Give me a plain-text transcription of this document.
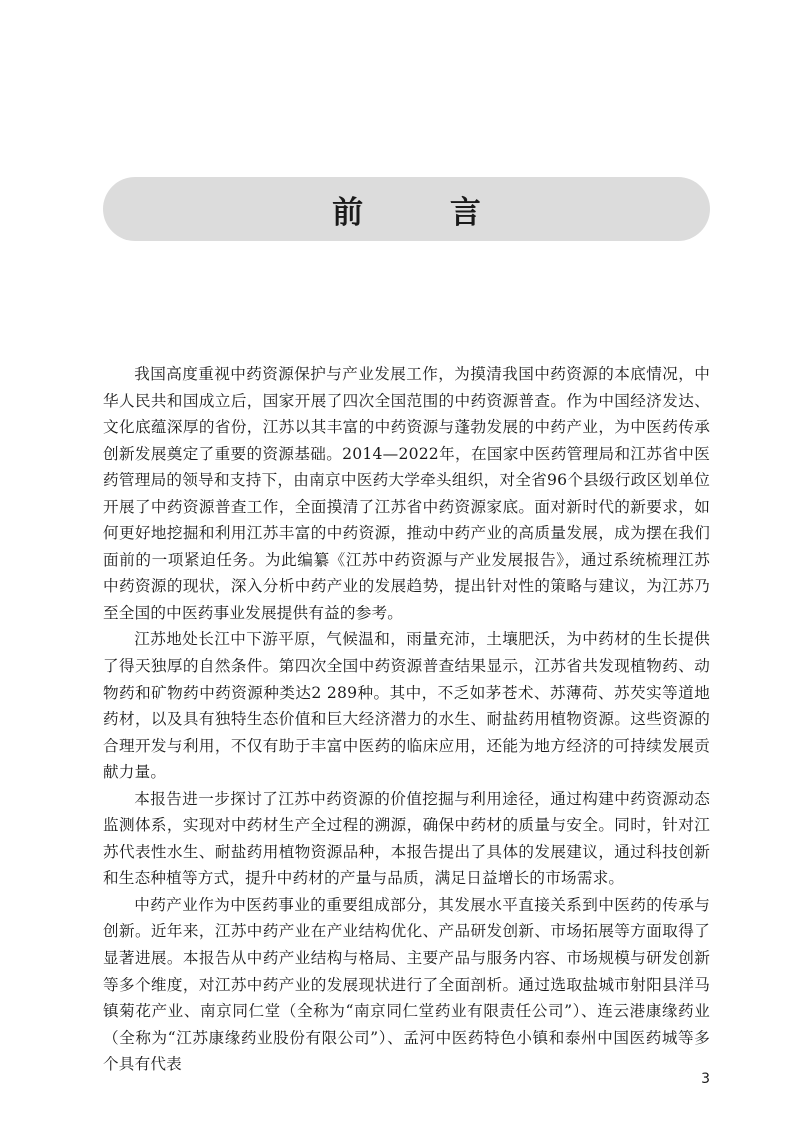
前 言

我国高度重视中药资源保护与产业发展工作，为摸清我国中药资源的本底情况，中华人民共和国成立后，国家开展了四次全国范围的中药资源普查。作为中国经济发达、文化底蕴深厚的省份，江苏以其丰富的中药资源与蓬勃发展的中药产业，为中医药传承创新发展奠定了重要的资源基础。2014—2022年，在国家中医药管理局和江苏省中医药管理局的领导和支持下，由南京中医药大学牵头组织，对全省96个县级行政区划单位开展了中药资源普查工作，全面摸清了江苏省中药资源家底。面对新时代的新要求，如何更好地挖掘和利用江苏丰富的中药资源，推动中药产业的高质量发展，成为摆在我们面前的一项紧迫任务。为此编纂《江苏中药资源与产业发展报告》，通过系统梳理江苏中药资源的现状，深入分析中药产业的发展趋势，提出针对性的策略与建议，为江苏乃至全国的中医药事业发展提供有益的参考。

江苏地处长江中下游平原，气候温和，雨量充沛，土壤肥沃，为中药材的生长提供了得天独厚的自然条件。第四次全国中药资源普查结果显示，江苏省共发现植物药、动物药和矿物药中药资源种类达2 289种。其中，不乏如茅苍术、苏薄荷、苏芡实等道地药材，以及具有独特生态价值和巨大经济潜力的水生、耐盐药用植物资源。这些资源的合理开发与利用，不仅有助于丰富中医药的临床应用，还能为地方经济的可持续发展贡献力量。

本报告进一步探讨了江苏中药资源的价值挖掘与利用途径，通过构建中药资源动态监测体系，实现对中药材生产全过程的溯源，确保中药材的质量与安全。同时，针对江苏代表性水生、耐盐药用植物资源品种，本报告提出了具体的发展建议，通过科技创新和生态种植等方式，提升中药材的产量与品质，满足日益增长的市场需求。

中药产业作为中医药事业的重要组成部分，其发展水平直接关系到中医药的传承与创新。近年来，江苏中药产业在产业结构优化、产品研发创新、市场拓展等方面取得了显著进展。本报告从中药产业结构与格局、主要产品与服务内容、市场规模与研发创新等多个维度，对江苏中药产业的发展现状进行了全面剖析。通过选取盐城市射阳县洋马镇菊花产业、南京同仁堂（全称为“南京同仁堂药业有限责任公司”）、连云港康缘药业（全称为“江苏康缘药业股份有限公司”）、孟河中医药特色小镇和泰州中国医药城等多个具有代表

3
